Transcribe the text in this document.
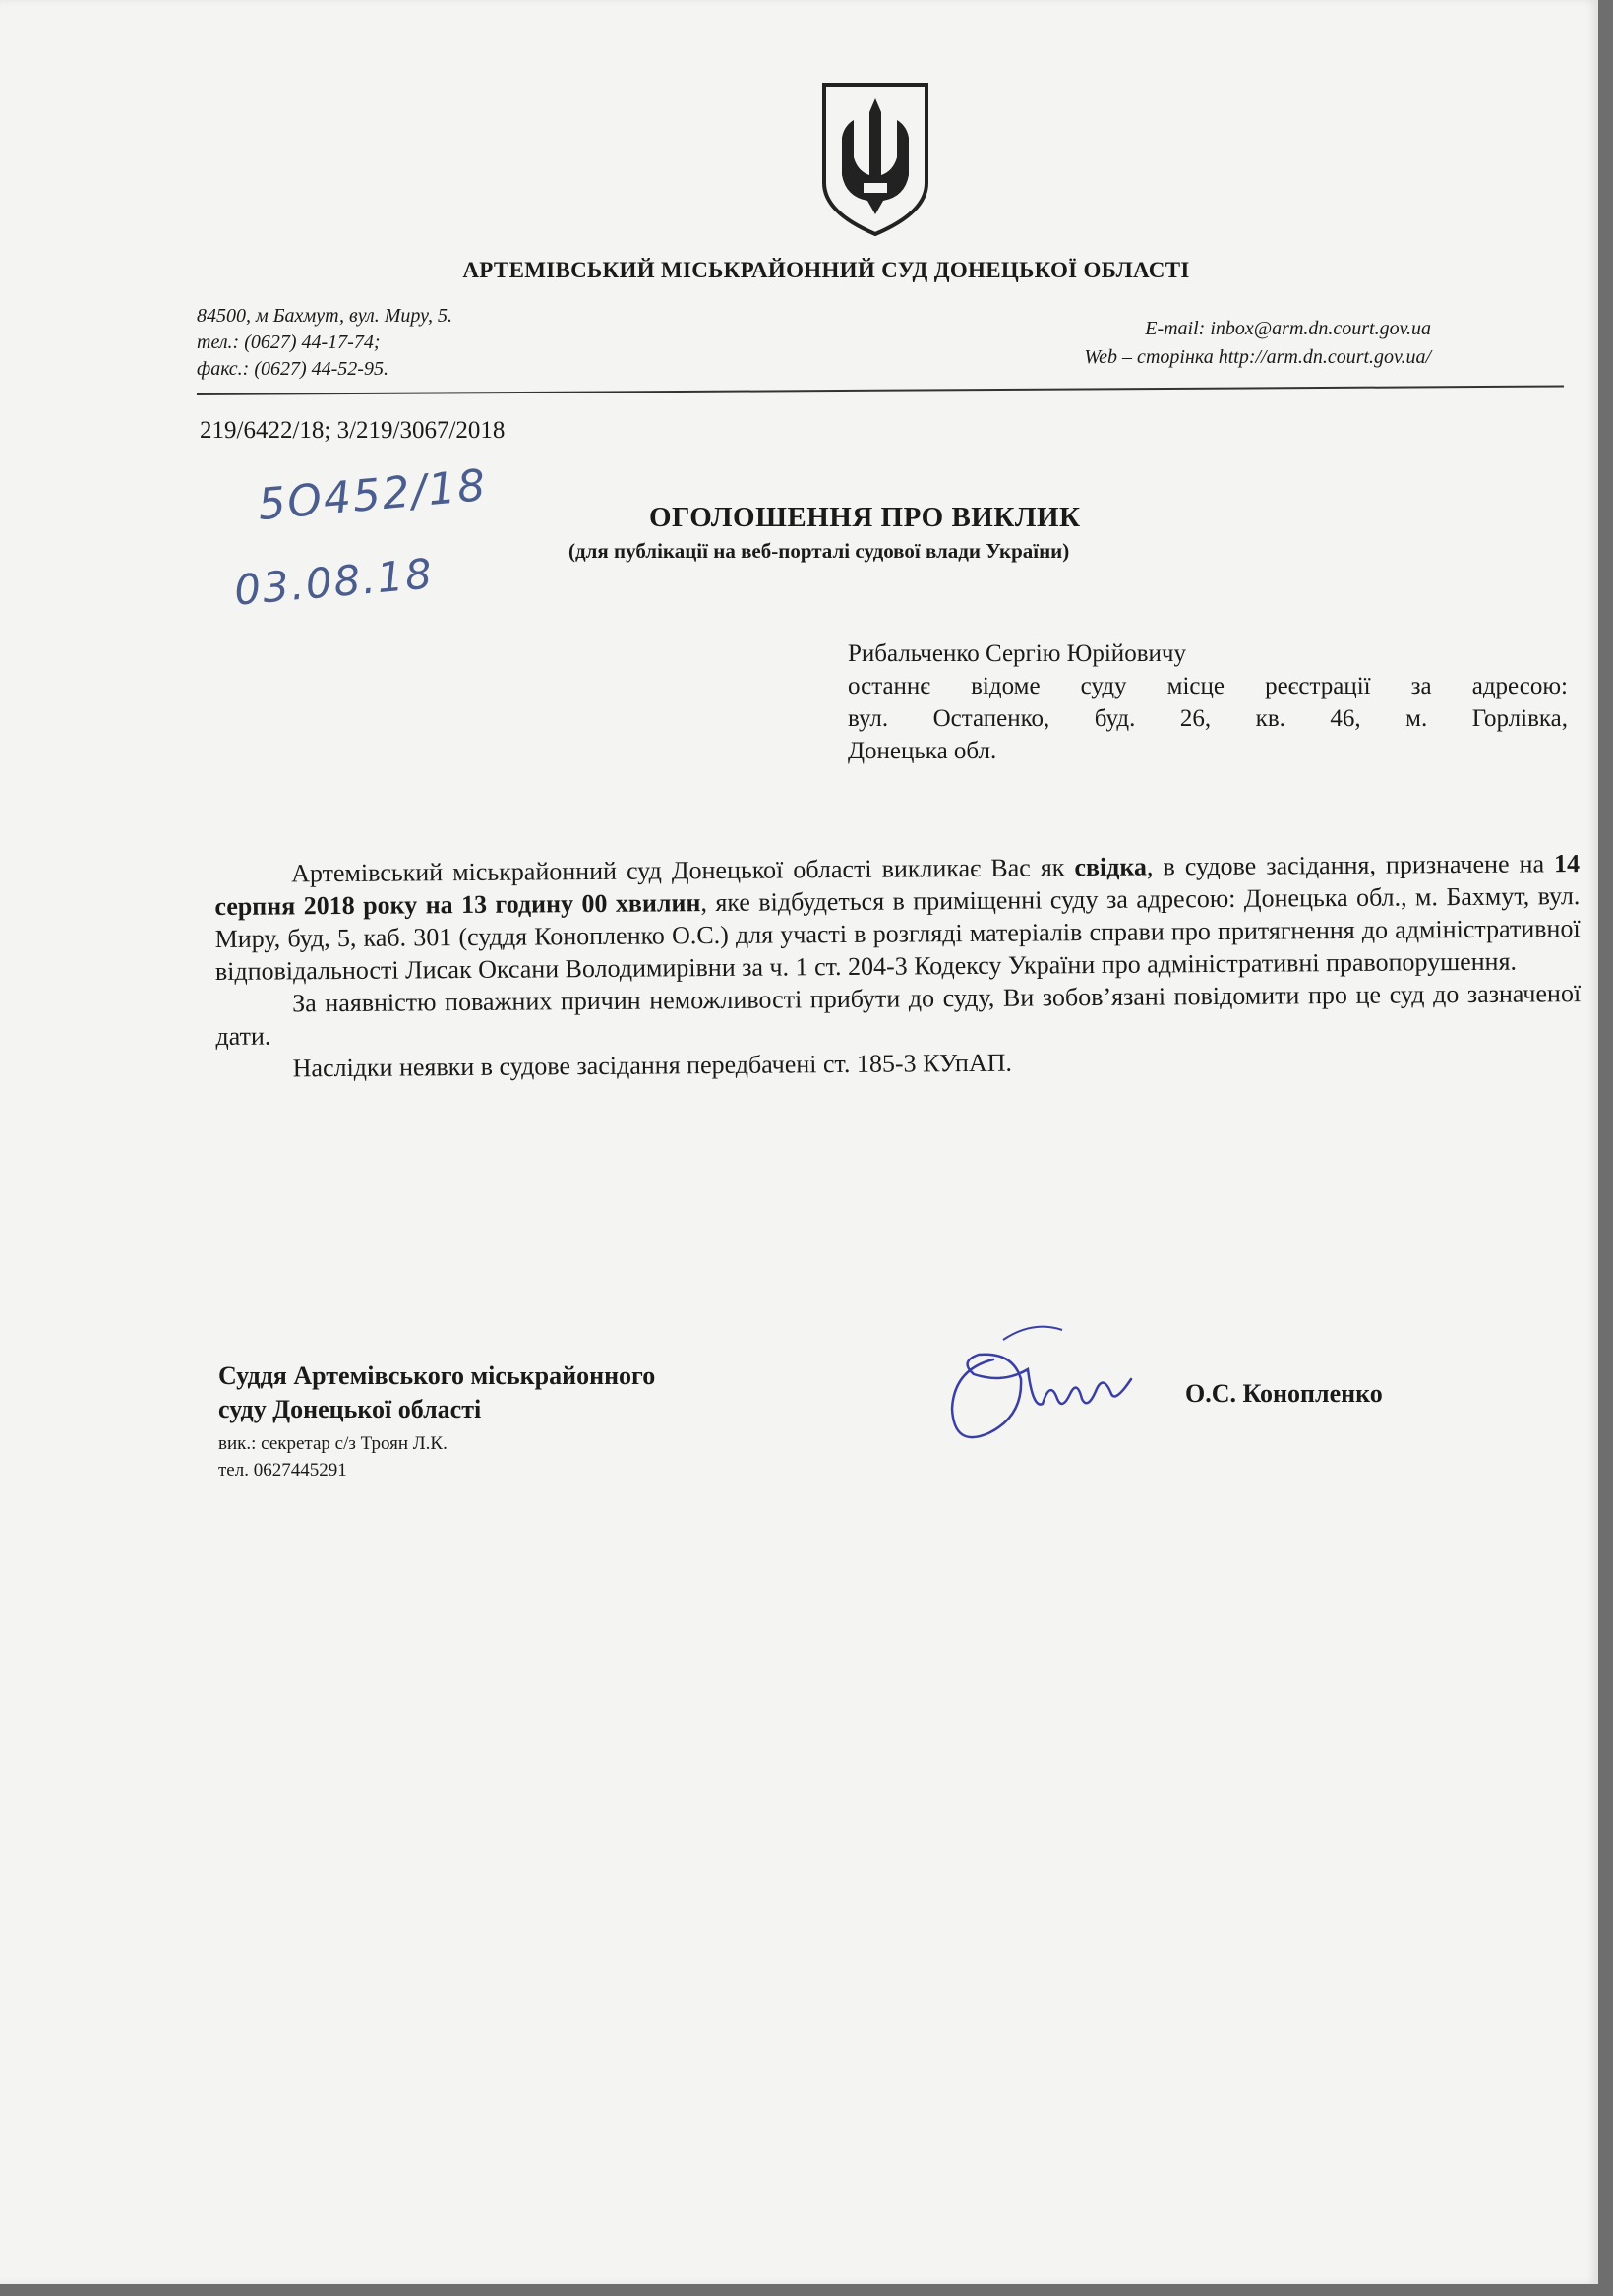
АРТЕМІВСЬКИЙ МІСЬКРАЙОННИЙ СУД ДОНЕЦЬКОЇ ОБЛАСТІ
84500, м Бахмут, вул. Миру, 5.
тел.: (0627) 44-17-74;
факс.: (0627) 44-52-95.
E-mail: inbox@arm.dn.court.gov.ua
Web – сторінка http://arm.dn.court.gov.ua/
219/6422/18; 3/219/3067/2018
5О452/18
03.08.18
ОГОЛОШЕННЯ ПРО ВИКЛИК
(для публікації на веб-порталі судової влади України)
Рибальченко Сергію Юрійовичу
останнє відоме суду місце реєстрації за адресою:
вул. Остапенко, буд. 26, кв. 46, м. Горлівка,
Донецька обл.

Артемівський міськрайонний суд Донецької області викликає Вас як свідка, в судове засідання, призначене на 14 серпня 2018 року на 13 годину 00 хвилин, яке відбудеться в приміщенні суду за адресою: Донецька обл., м. Бахмут, вул. Миру, буд, 5, каб. 301 (суддя Конопленко О.С.) для участі в розгляді матеріалів справи про притягнення до адміністративної відповідальності Лисак Оксани Володимирівни за ч. 1 ст. 204-3 Кодексу України про адміністративні правопорушення.

За наявністю поважних причин неможливості прибути до суду, Ви зобов’язані повідомити про це суд до зазначеної дати.

Наслідки неявки в судове засідання передбачені ст. 185-3 КУпАП.

Суддя Артемівського міськрайонного
суду Донецької області
вик.: секретар с/з Троян Л.К.
тел. 0627445291
О.С. Конопленко
